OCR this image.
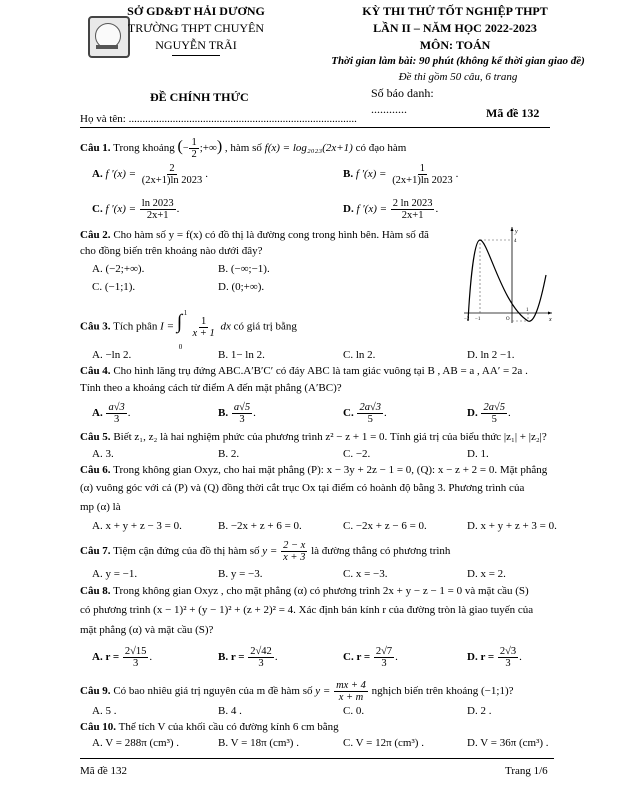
SỞ GD&ĐT HẢI DƯƠNG
TRƯỜNG THPT CHUYÊN
NGUYỄN TRÃI
ĐỀ CHÍNH THỨC
KỲ THI THỬ TỐT NGHIỆP THPT
LẦN II – NĂM HỌC 2022-2023
MÔN: TOÁN
Thời gian làm bài: 90 phút (không kể thời gian giao đề)
Đề thi gồm 50 câu, 6 trang
Số báo danh:
............	Mã đề 132
Họ và tên: ...................................................................................
Câu 1. Trong khoảng (− $\frac{1}{2}$ ;+∞) , hàm số f(x) = log₂₀₂₃(2x+1) có đạo hàm
A. f $'(x) = \frac{2}{(2x+1)\ln 2023}$ .	B. f $'(x) = \frac{1}{(2x+1)\ln 2023}$ .
C. f $'(x) = \frac{\ln 2023}{2x+1}$ .	D. f $'(x) = \frac{2 \ln 2023}{2x+1}$ .
Câu 2. Cho hàm số y = f(x) có đồ thị là đường cong trong hình bên. Hàm số đã
cho đồng biến trên khoảng nào dưới đây?
A. (−2;+∞).	B. (−∞;−1).
C. (−1;1).	D. (0;+∞).
x
y
O
−1
1
4
−2
Câu 3. Tích phân I = ∫ 1
0

$\frac{1}{x + 1}$ dx có giá trị bằng
A. −ln 2.	B. 1− ln 2.	C. ln 2.	D. ln 2 −1.
Câu 4. Cho hình lăng trụ đứng ABC.A′B′C′ có đáy ABC là tam giác vuông tại B , AB = a , AA′ = 2a .
Tính theo a khoảng cách từ điểm A đến mặt phẳng (A′BC)?
A. $\frac{a√3}{3}$ .	B. $\frac{a√5}{3}$ .	C. $\frac{2a√3}{5}$ .	D. $\frac{2a√5}{5}$ .
Câu 5. Biết z₁, z₂ là hai nghiệm phức của phương trình z² − z + 1 = 0. Tính giá trị của biểu thức |z₁| + |z₂|?
A. 3.	B. 2.	C. −2.	D. 1.
Câu 6. Trong không gian Oxyz, cho hai mặt phẳng (P): x − 3y + 2z − 1 = 0, (Q): x − z + 2 = 0. Mặt phẳng
(α) vuông góc với cả (P) và (Q) đồng thời cắt trục Ox tại điểm có hoành độ bằng 3. Phương trình của
mp (α) là
A. x + y + z − 3 = 0.	B. −2x + z + 6 = 0.	C. −2x + z − 6 = 0.	D. x + y + z + 3 = 0.
Câu 7. Tiệm cận đứng của đồ thị hàm số $y = \frac{2 - x}{x + 3}$ là đường thẳng có phương trình
A. y = −1.	B. y = −3.	C. x = −3.	D. x = 2.
Câu 8. Trong không gian Oxyz , cho mặt phẳng (α) có phương trình 2x + y − z − 1 = 0 và mặt cầu (S)
có phương trình (x − 1)² + (y − 1)² + (z + 2)² = 4. Xác định bán kính r của đường tròn là giao tuyến của
mặt phẳng (α) và mặt cầu (S)?
A. $r = \frac{2√15}{3}$ .	B. $r = \frac{2√42}{3}$ .	C. $r = \frac{2√7}{3}$ .	D. $r = \frac{2√3}{3}$ .
Câu 9. Có bao nhiêu giá trị nguyên của m đề hàm số $y = \frac{mx + 4}{x + m}$ nghịch biến trên khoảng (−1;1)?
A. 5 .	B. 4 .	C. 0.	D. 2 .
Câu 10. Thể tích V của khối cầu có đường kính 6 cm bằng
A. V = 288π (cm³) .	B. V = 18π (cm³) .	C. V = 12π (cm³) .	D. V = 36π (cm³) .
Mã đề 132	Trang 1/6
